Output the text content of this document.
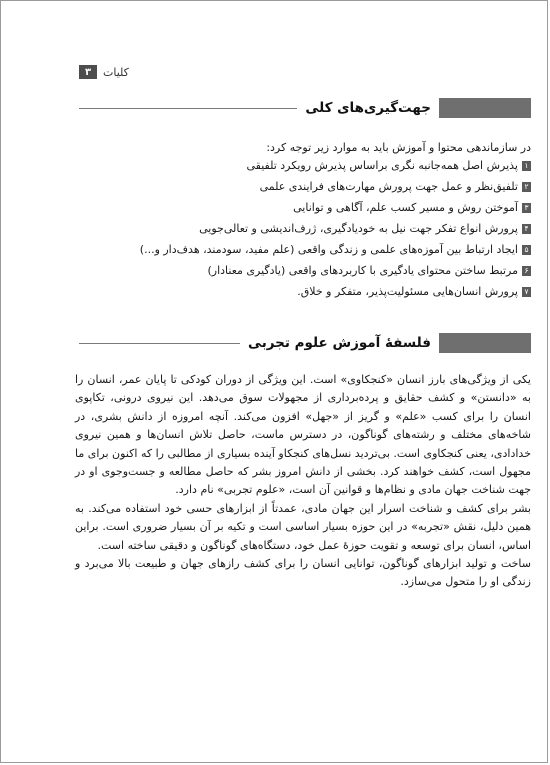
۳	کلیات
جهت‌گیری‌های کلی
در سازماندهی محتوا و آموزش باید به موارد زیر توجه کرد:
۱
پذیرش اصل همه‌جانبه نگری براساس پذیرش رویکرد تلفیقی
۲
تلفیق‌نظر و عمل جهت پرورش مهارت‌های فرایندی علمی
۳
آموختن روش و مسیر کسب علم، آگاهی و توانایی
۴
پرورش انواع تفکر جهت نیل به خودیادگیری، ژرف‌اندیشی و تعالی‌جویی
۵
ایجاد ارتباط بین آموزه‌های علمی و زندگی واقعی (علم مفید، سودمند، هدف‌دار و...)
۶
مرتبط ساختن محتوای یادگیری با کاربردهای واقعی (یادگیری معنادار)
۷
پرورش انسان‌هایی مسئولیت‌پذیر، متفکر و خلاق.
فلسفۀ آموزش علوم تجربی

یکی از ویژگی‌های بارز انسان «کنجکاوی» است. این ویژگی از دوران کودکی تا پایان عمر، انسان را به «دانستن» و کشف حقایق و پرده‌برداری از مجهولات سوق می‌دهد. این نیروی درونی، تکاپوی انسان را برای کسب «علم» و گریز از «جهل» افزون می‌کند. آنچه امروزه از دانش بشری، در شاخه‌های مختلف و رشته‌های گوناگون، در دسترس ماست، حاصل تلاش انسان‌ها و همین نیروی خدادادی، یعنی کنجکاوی است. بی‌تردید نسل‌های کنجکاو آینده بسیاری از مطالبی را که اکنون برای ما مجهول است، کشف خواهند کرد. بخشی از دانش امروز بشر که حاصل مطالعه و جست‌وجوی او در جهت شناخت جهان مادی و نظام‌ها و قوانین آن است، «علوم تجربی» نام دارد.

بشر برای کشف و شناخت اسرار این جهان مادی، عمدتاً از ابزارهای حسی خود استفاده می‌کند. به همین دلیل، نقش «تجربه» در این حوزه بسیار اساسی است و تکیه بر آن بسیار ضروری است. براین اساس، انسان برای توسعه و تقویت حوزۀ عمل خود، دستگاه‌های گوناگون و دقیقی ساخته است.

ساخت و تولید ابزارهای گوناگون، توانایی انسان را برای کشف رازهای جهان و طبیعت بالا می‌برد و زندگی او را متحول می‌سازد.
